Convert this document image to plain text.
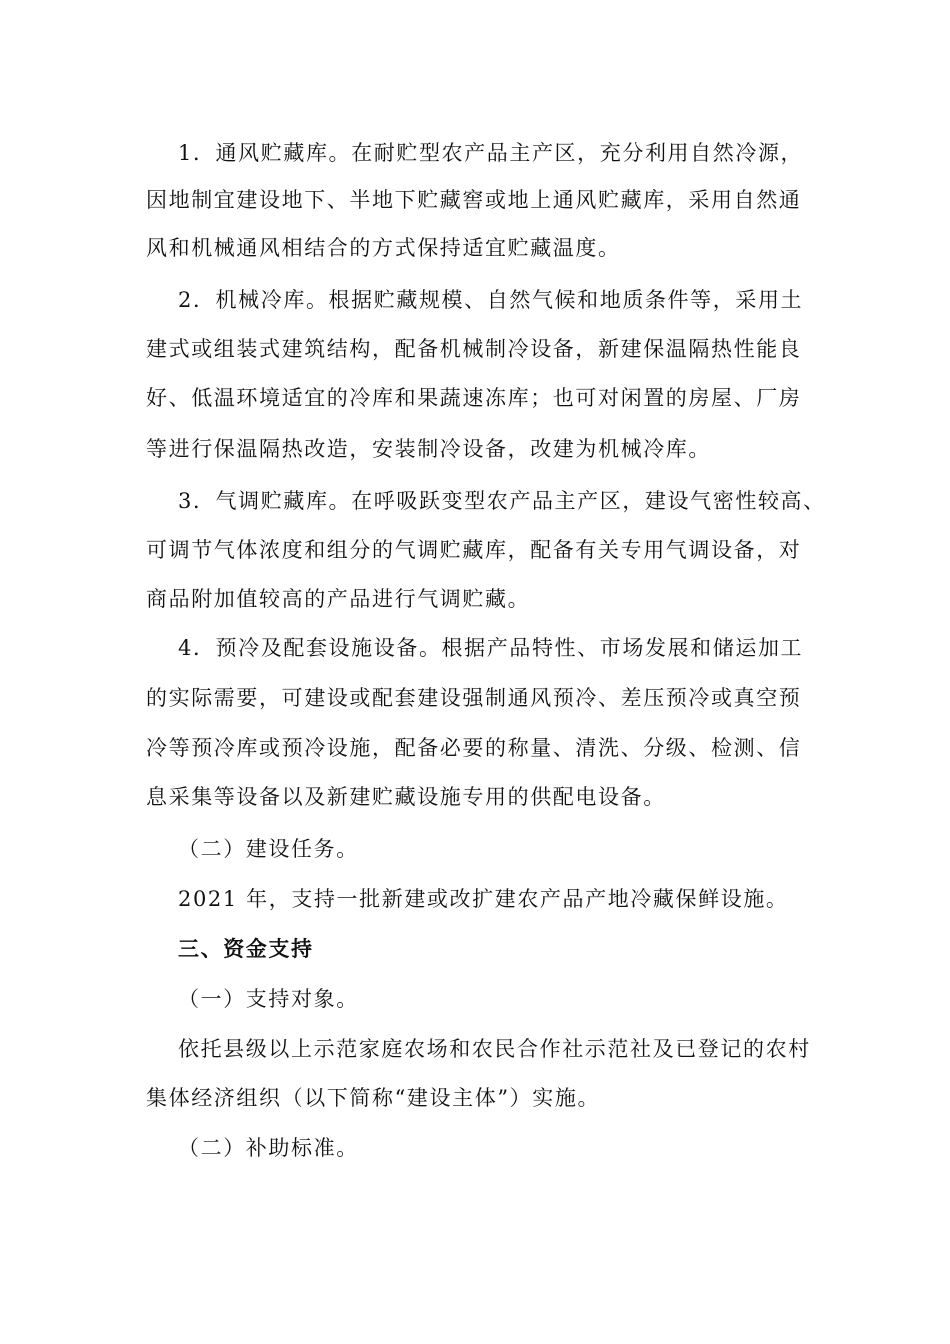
1．通风贮藏库。在耐贮型农产品主产区，充分利用自然冷源，
因地制宜建设地下、半地下贮藏窖或地上通风贮藏库，采用自然通
风和机械通风相结合的方式保持适宜贮藏温度。
2．机械冷库。根据贮藏规模、自然气候和地质条件等，采用土
建式或组装式建筑结构，配备机械制冷设备，新建保温隔热性能良
好、低温环境适宜的冷库和果蔬速冻库；也可对闲置的房屋、厂房
等进行保温隔热改造，安装制冷设备，改建为机械冷库。
3．气调贮藏库。在呼吸跃变型农产品主产区，建设气密性较高、
可调节气体浓度和组分的气调贮藏库，配备有关专用气调设备，对
商品附加值较高的产品进行气调贮藏。
4．预冷及配套设施设备。根据产品特性、市场发展和储运加工
的实际需要，可建设或配套建设强制通风预冷、差压预冷或真空预
冷等预冷库或预冷设施，配备必要的称量、清洗、分级、检测、信
息采集等设备以及新建贮藏设施专用的供配电设备。
（二）建设任务。
2021 年，支持一批新建或改扩建农产品产地冷藏保鲜设施。
三、资金支持
（一）支持对象。
依托县级以上示范家庭农场和农民合作社示范社及已登记的农村
集体经济组织（以下简称“建设主体”）实施。
（二）补助标准。
